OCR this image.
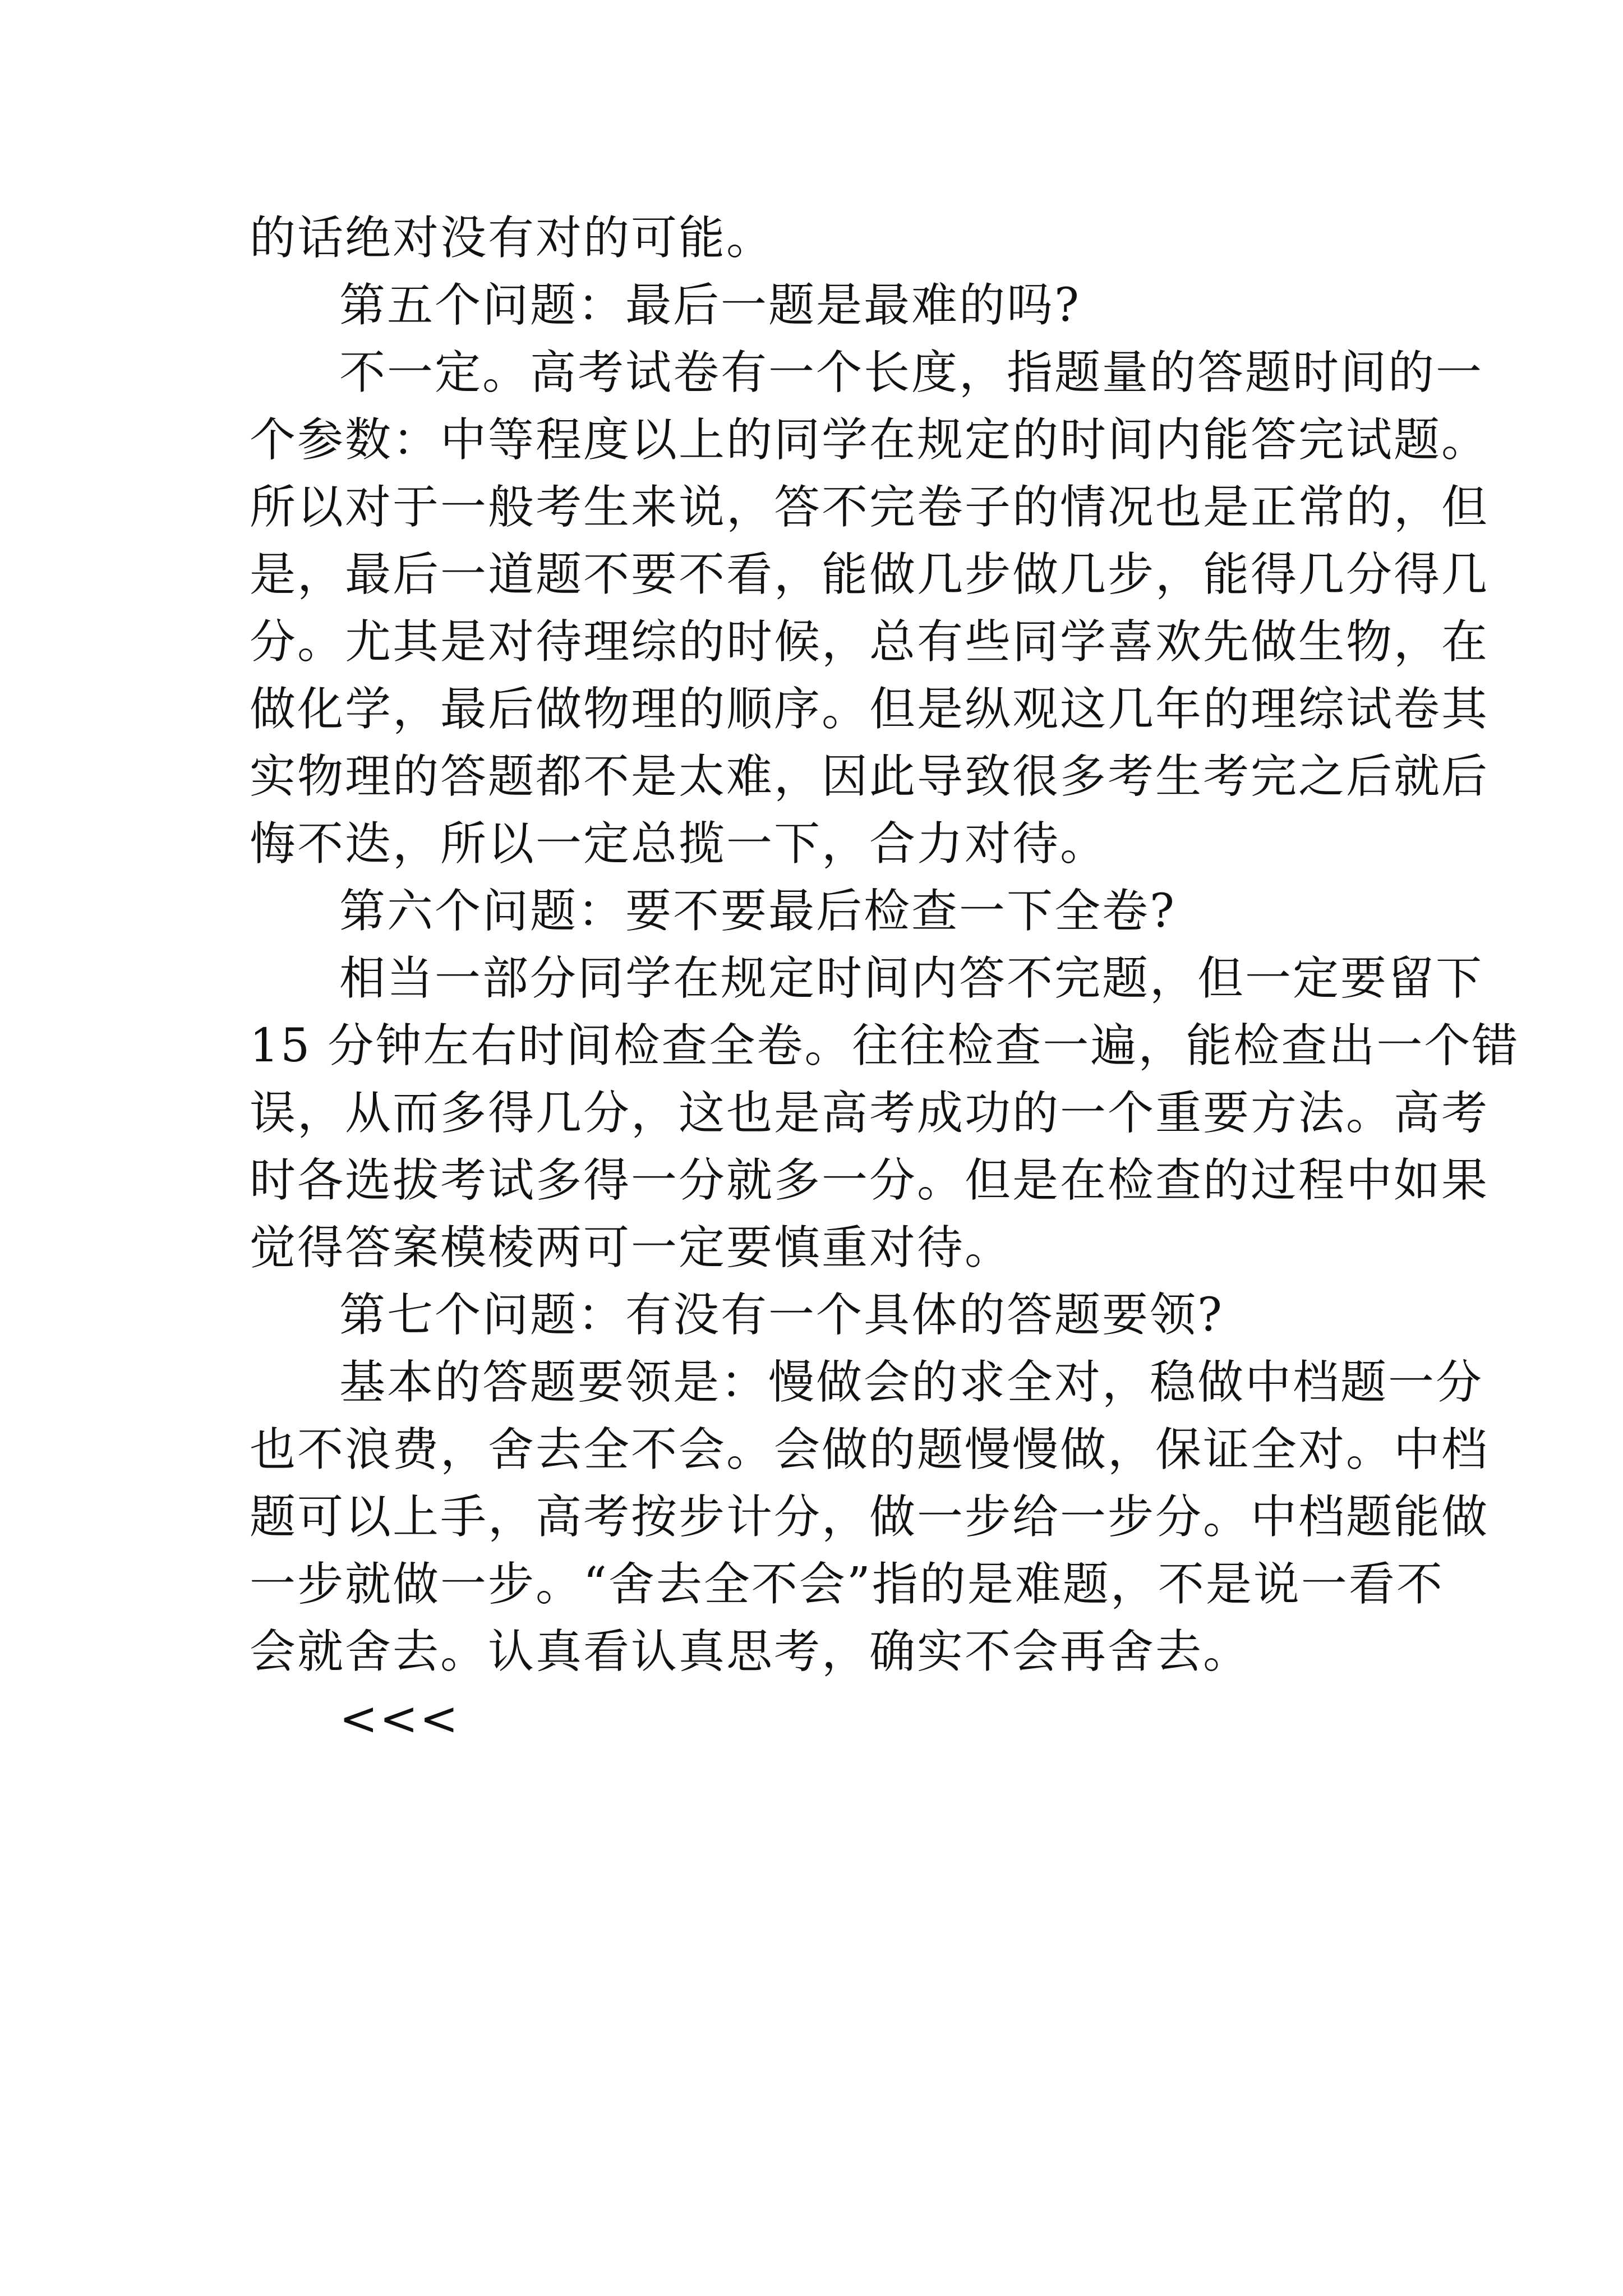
的话绝对没有对的可能。
第五个问题：最后一题是最难的吗?
不一定。高考试卷有一个长度，指题量的答题时间的一
个参数：中等程度以上的同学在规定的时间内能答完试题。
所以对于一般考生来说，答不完卷子的情况也是正常的，但
是，最后一道题不要不看，能做几步做几步，能得几分得几
分。尤其是对待理综的时候，总有些同学喜欢先做生物，在
做化学，最后做物理的顺序。但是纵观这几年的理综试卷其
实物理的答题都不是太难，因此导致很多考生考完之后就后
悔不迭，所以一定总揽一下，合力对待。
第六个问题：要不要最后检查一下全卷?
相当一部分同学在规定时间内答不完题，但一定要留下
15 分钟左右时间检查全卷。往往检查一遍，能检查出一个错
误，从而多得几分，这也是高考成功的一个重要方法。高考
时各选拔考试多得一分就多一分。但是在检查的过程中如果
觉得答案模棱两可一定要慎重对待。
第七个问题：有没有一个具体的答题要领?
基本的答题要领是：慢做会的求全对，稳做中档题一分
也不浪费，舍去全不会。会做的题慢慢做，保证全对。中档
题可以上手，高考按步计分，做一步给一步分。中档题能做
一步就做一步。“舍去全不会”指的是难题，不是说一看不
会就舍去。认真看认真思考，确实不会再舍去。
<<<
